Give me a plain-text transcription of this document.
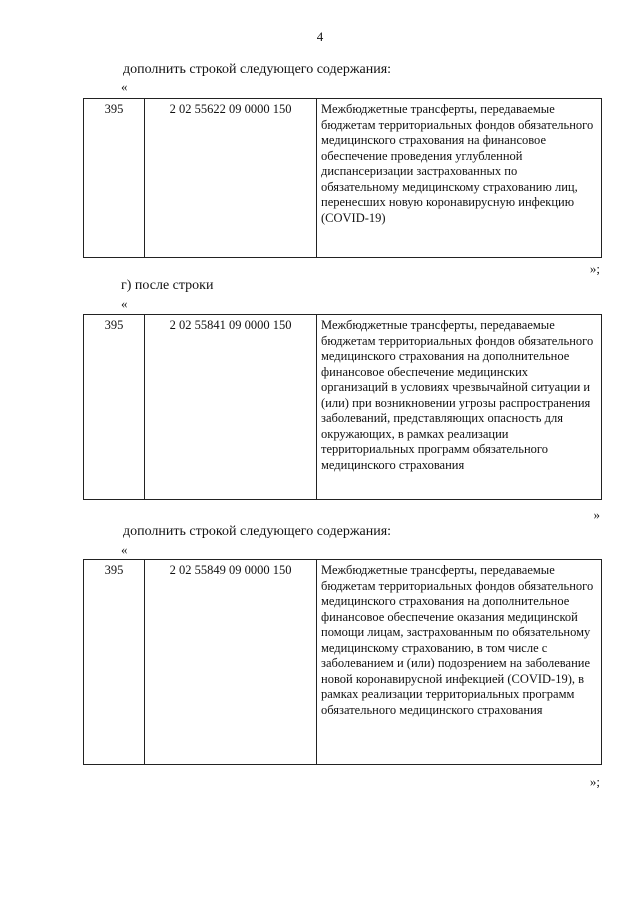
4
дополнить строкой следующего содержания:
«
395	2 02 55622 09 0000 150	Межбюджетные трансферты, передаваемые бюджетам территориальных фондов обязательного медицинского страхования на финансовое обеспечение проведения углубленной диспансеризации застрахованных по обязательному медицинскому страхованию лиц, перенесших новую коронавирусную инфекцию (COVID-19)
»;
г) после строки
«
395	2 02 55841 09 0000 150	Межбюджетные трансферты, передаваемые бюджетам территориальных фондов обязательного медицинского страхования на дополнительное финансовое обеспечение медицинских организаций в условиях чрезвычайной ситуации и (или) при возникновении угрозы распространения заболеваний, представляющих опасность для окружающих, в рамках реализации территориальных программ обязательного медицинского страхования
»
дополнить строкой следующего содержания:
«
395	2 02 55849 09 0000 150	Межбюджетные трансферты, передаваемые бюджетам территориальных фондов обязательного медицинского страхования на дополнительное финансовое обеспечение оказания медицинской помощи лицам, застрахованным по обязательному медицинскому страхованию, в том числе с заболеванием и (или) подозрением на заболевание новой коронавирусной инфекцией (COVID-19), в рамках реализации территориальных программ обязательного медицинского страхования
»;
